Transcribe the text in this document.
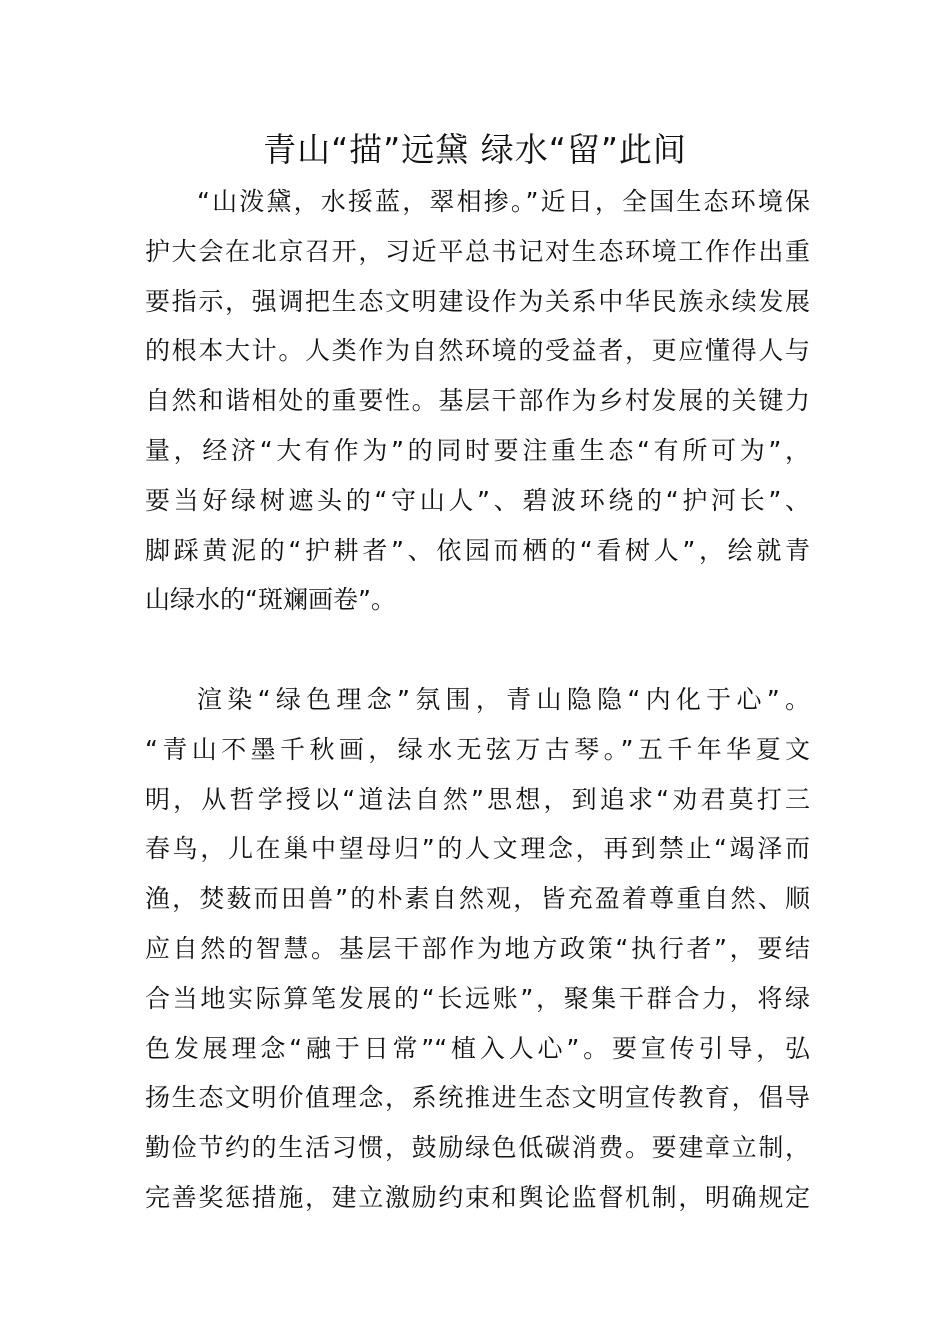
青山“描”远黛 绿水“留”此间
“山泼黛，水挼蓝，翠相掺。”近日，全国生态环境保
护大会在北京召开，习近平总书记对生态环境工作作出重
要指示，强调把生态文明建设作为关系中华民族永续发展
的根本大计。人类作为自然环境的受益者，更应懂得人与
自然和谐相处的重要性。基层干部作为乡村发展的关键力
量，经济“大有作为”的同时要注重生态“有所可为”，
要当好绿树遮头的“守山人”、碧波环绕的“护河长”、
脚踩黄泥的“护耕者”、依园而栖的“看树人”，绘就青
山绿水的“斑斓画卷”。
渲染“绿色理念”氛围，青山隐隐“内化于心”。
“青山不墨千秋画，绿水无弦万古琴。”五千年华夏文
明，从哲学授以“道法自然”思想，到追求“劝君莫打三
春鸟，儿在巢中望母归”的人文理念，再到禁止“竭泽而
渔，焚薮而田兽”的朴素自然观，皆充盈着尊重自然、顺
应自然的智慧。基层干部作为地方政策“执行者”，要结
合当地实际算笔发展的“长远账”，聚集干群合力，将绿
色发展理念“融于日常”“植入人心”。要宣传引导，弘
扬生态文明价值理念，系统推进生态文明宣传教育，倡导
勤俭节约的生活习惯，鼓励绿色低碳消费。要建章立制，
完善奖惩措施，建立激励约束和舆论监督机制，明确规定
